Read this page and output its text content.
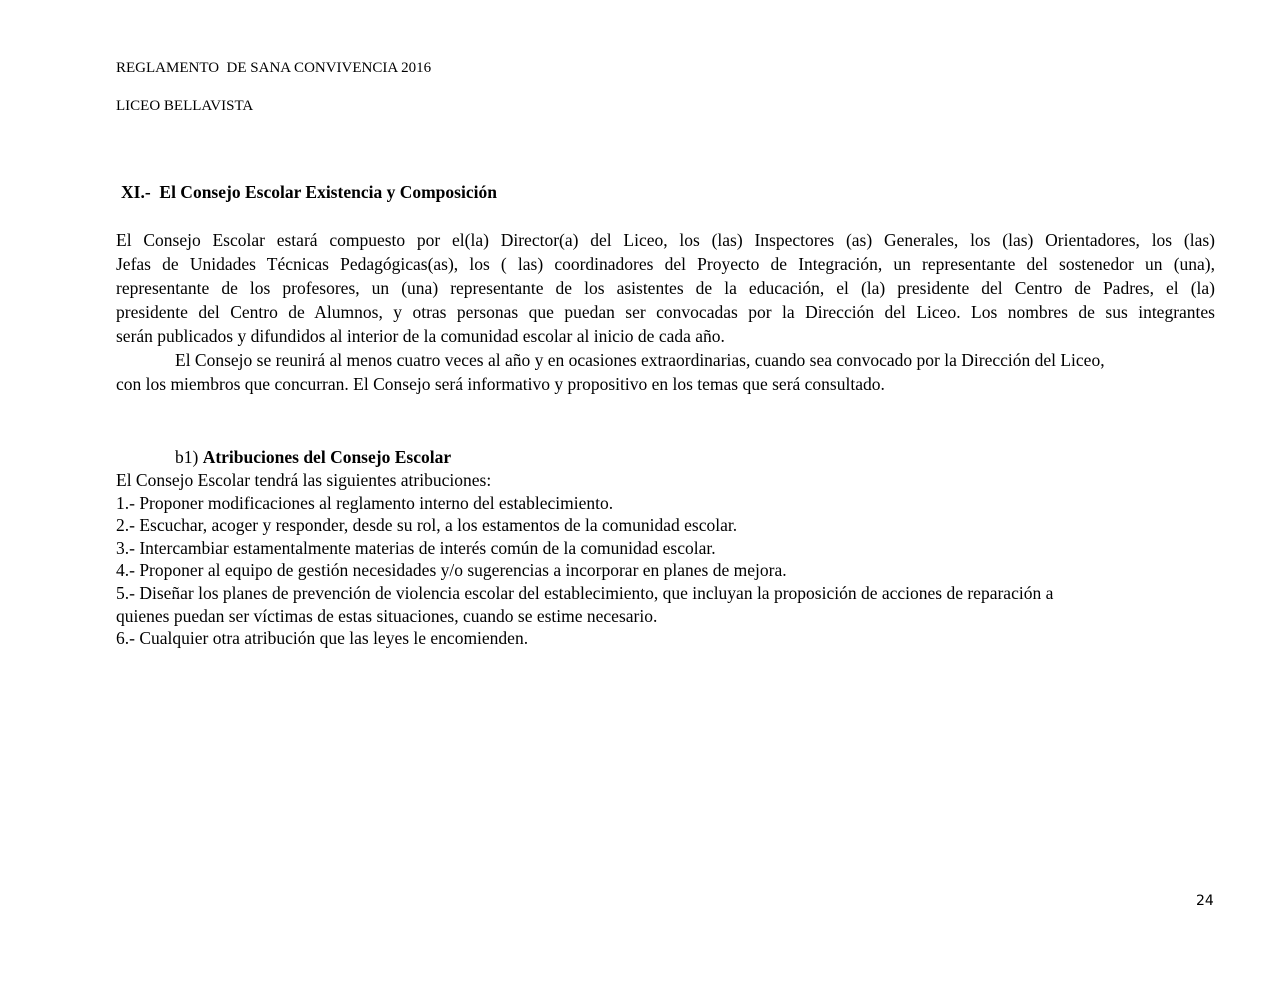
REGLAMENTO  DE SANA CONVIVENCIA 2016
LICEO BELLAVISTA
XI.-  El Consejo Escolar Existencia y Composición
El Consejo Escolar estará compuesto por el(la) Director(a) del Liceo, los (las) Inspectores (as) Generales, los (las) Orientadores, los (las)
Jefas de Unidades Técnicas Pedagógicas(as), los ( las) coordinadores del Proyecto de Integración, un representante del sostenedor un (una),
representante de los profesores, un (una) representante de los asistentes de la educación, el (la) presidente del Centro de Padres, el (la)
presidente del Centro de Alumnos, y otras personas que puedan ser convocadas por la Dirección del Liceo. Los nombres de sus integrantes
serán publicados y difundidos al interior de la comunidad escolar al inicio de cada año.
El Consejo se reunirá al menos cuatro veces al año y en ocasiones extraordinarias, cuando sea convocado por la Dirección del Liceo,
con los miembros que concurran. El Consejo será informativo y propositivo en los temas que será consultado.
b1) Atribuciones del Consejo Escolar
El Consejo Escolar tendrá las siguientes atribuciones:
1.- Proponer modificaciones al reglamento interno del establecimiento.
2.- Escuchar, acoger y responder, desde su rol, a los estamentos de la comunidad escolar.
3.- Intercambiar estamentalmente materias de interés común de la comunidad escolar.
4.- Proponer al equipo de gestión necesidades y/o sugerencias a incorporar en planes de mejora.
5.- Diseñar los planes de prevención de violencia escolar del establecimiento, que incluyan la proposición de acciones de reparación a
quienes puedan ser víctimas de estas situaciones, cuando se estime necesario.
6.- Cualquier otra atribución que las leyes le encomienden.
24
